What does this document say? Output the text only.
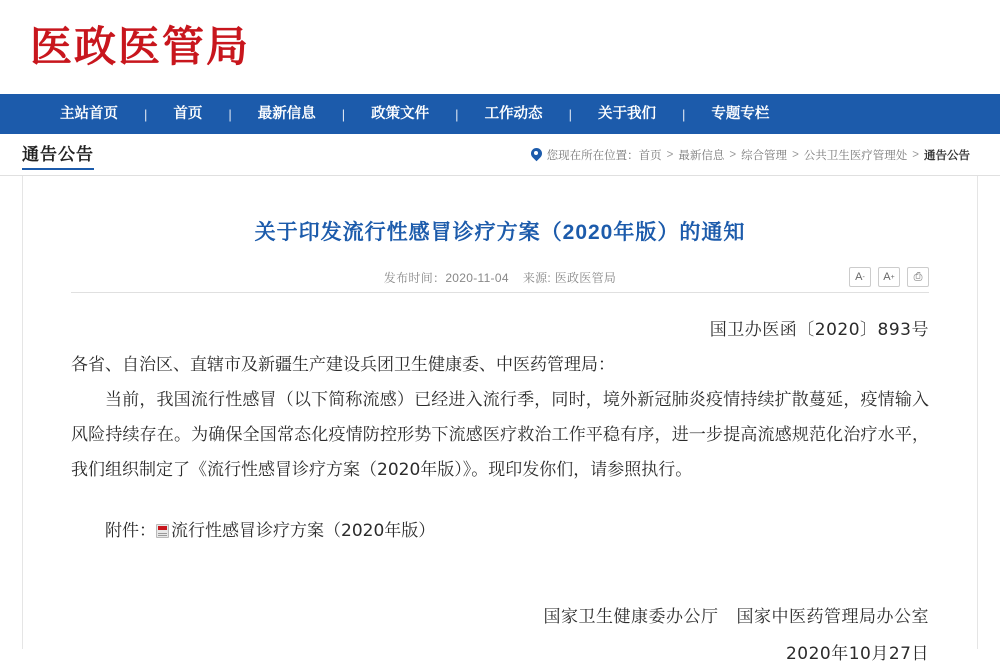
医政医管局
主站首页	|	首页	|	最新信息	|	政策文件	|	工作动态	|	关于我们	|	专题专栏
通告公告	您现在所在位置： 首页 > 最新信息 > 综合管理 > 公共卫生医疗管理处 > 通告公告
关于印发流行性感冒诊疗方案（2020年版）的通知
发布时间：2020-11-04 来源: 医政医管局	A - A + ⎙
国卫办医函〔2020〕893号
各省、自治区、直辖市及新疆生产建设兵团卫生健康委、中医药管理局：
当前，我国流行性感冒（以下简称流感）已经进入流行季，同时，境外新冠肺炎疫情持续扩散蔓延，疫情输入风险持续存在。为确保全国常态化疫情防控形势下流感医疗救治工作平稳有序，进一步提高流感规范化治疗水平，我们组织制定了《流行性感冒诊疗方案（2020年版）》。现印发你们，请参照执行。
附件： 流行性感冒诊疗方案（2020年版）
国家卫生健康委办公厅 国家中医药管理局办公室
2020年10月27日
